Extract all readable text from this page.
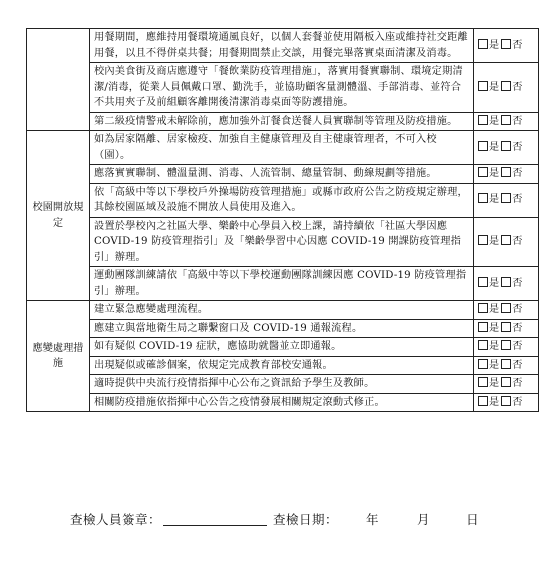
	用餐期間，應維持用餐環境通風良好，以個人套餐並使用隔板入座或維持社交距離用餐，以且不得併桌共餐；用餐期間禁止交談，用餐完畢落實桌面清潔及消毒。	是 否
	校內美食街及商店應遵守「餐飲業防疫管理措施」，落實用餐實聯制、環境定期清潔/消毒，從業人員佩戴口罩、勤洗手，並協助顧客量測體溫、手部消毒、並符合不共用夾子及前組顧客離開後清潔消毒桌面等防護措施。	是 否
	第二級疫情警戒未解除前，應加強外訂餐食送餐人員實聯制等管理及防疫措施。	是 否
校園開放規定	如為居家隔離、居家檢疫、加強自主健康管理及自主健康管理者，不可入校（園）。	是 否
	應落實實聯制、體溫量測、消毒、人流管制、總量管制、動線規劃等措施。	是 否
	依「高級中等以下學校戶外操場防疫管理措施」或縣市政府公告之防疫規定辦理，其餘校園區域及設施不開放人員使用及進入。	是 否
	設置於學校內之社區大學、樂齡中心學員入校上課，請持續依「社區大學因應 COVID-19 防疫管理指引」及「樂齡學習中心因應 COVID-19 開課防疫管理指引」辦理。	是 否
	運動團隊訓練請依「高級中等以下學校運動團隊訓練因應 COVID-19 防疫管理指引」辦理。	是 否
應變處理措施	建立緊急應變處理流程。	是 否
	應建立與當地衛生局之聯繫窗口及 COVID-19 通報流程。	是 否
	如有疑似 COVID-19 症狀，應協助就醫並立即通報。	是 否
	出現疑似或確診個案，依規定完成教育部校安通報。	是 否
	適時提供中央流行疫情指揮中心公布之資訊給予學生及教師。	是 否
	相關防疫措施依指揮中心公告之疫情發展相關規定滾動式修正。	是 否
查檢人員簽章：	查檢日期： 年	月	日
